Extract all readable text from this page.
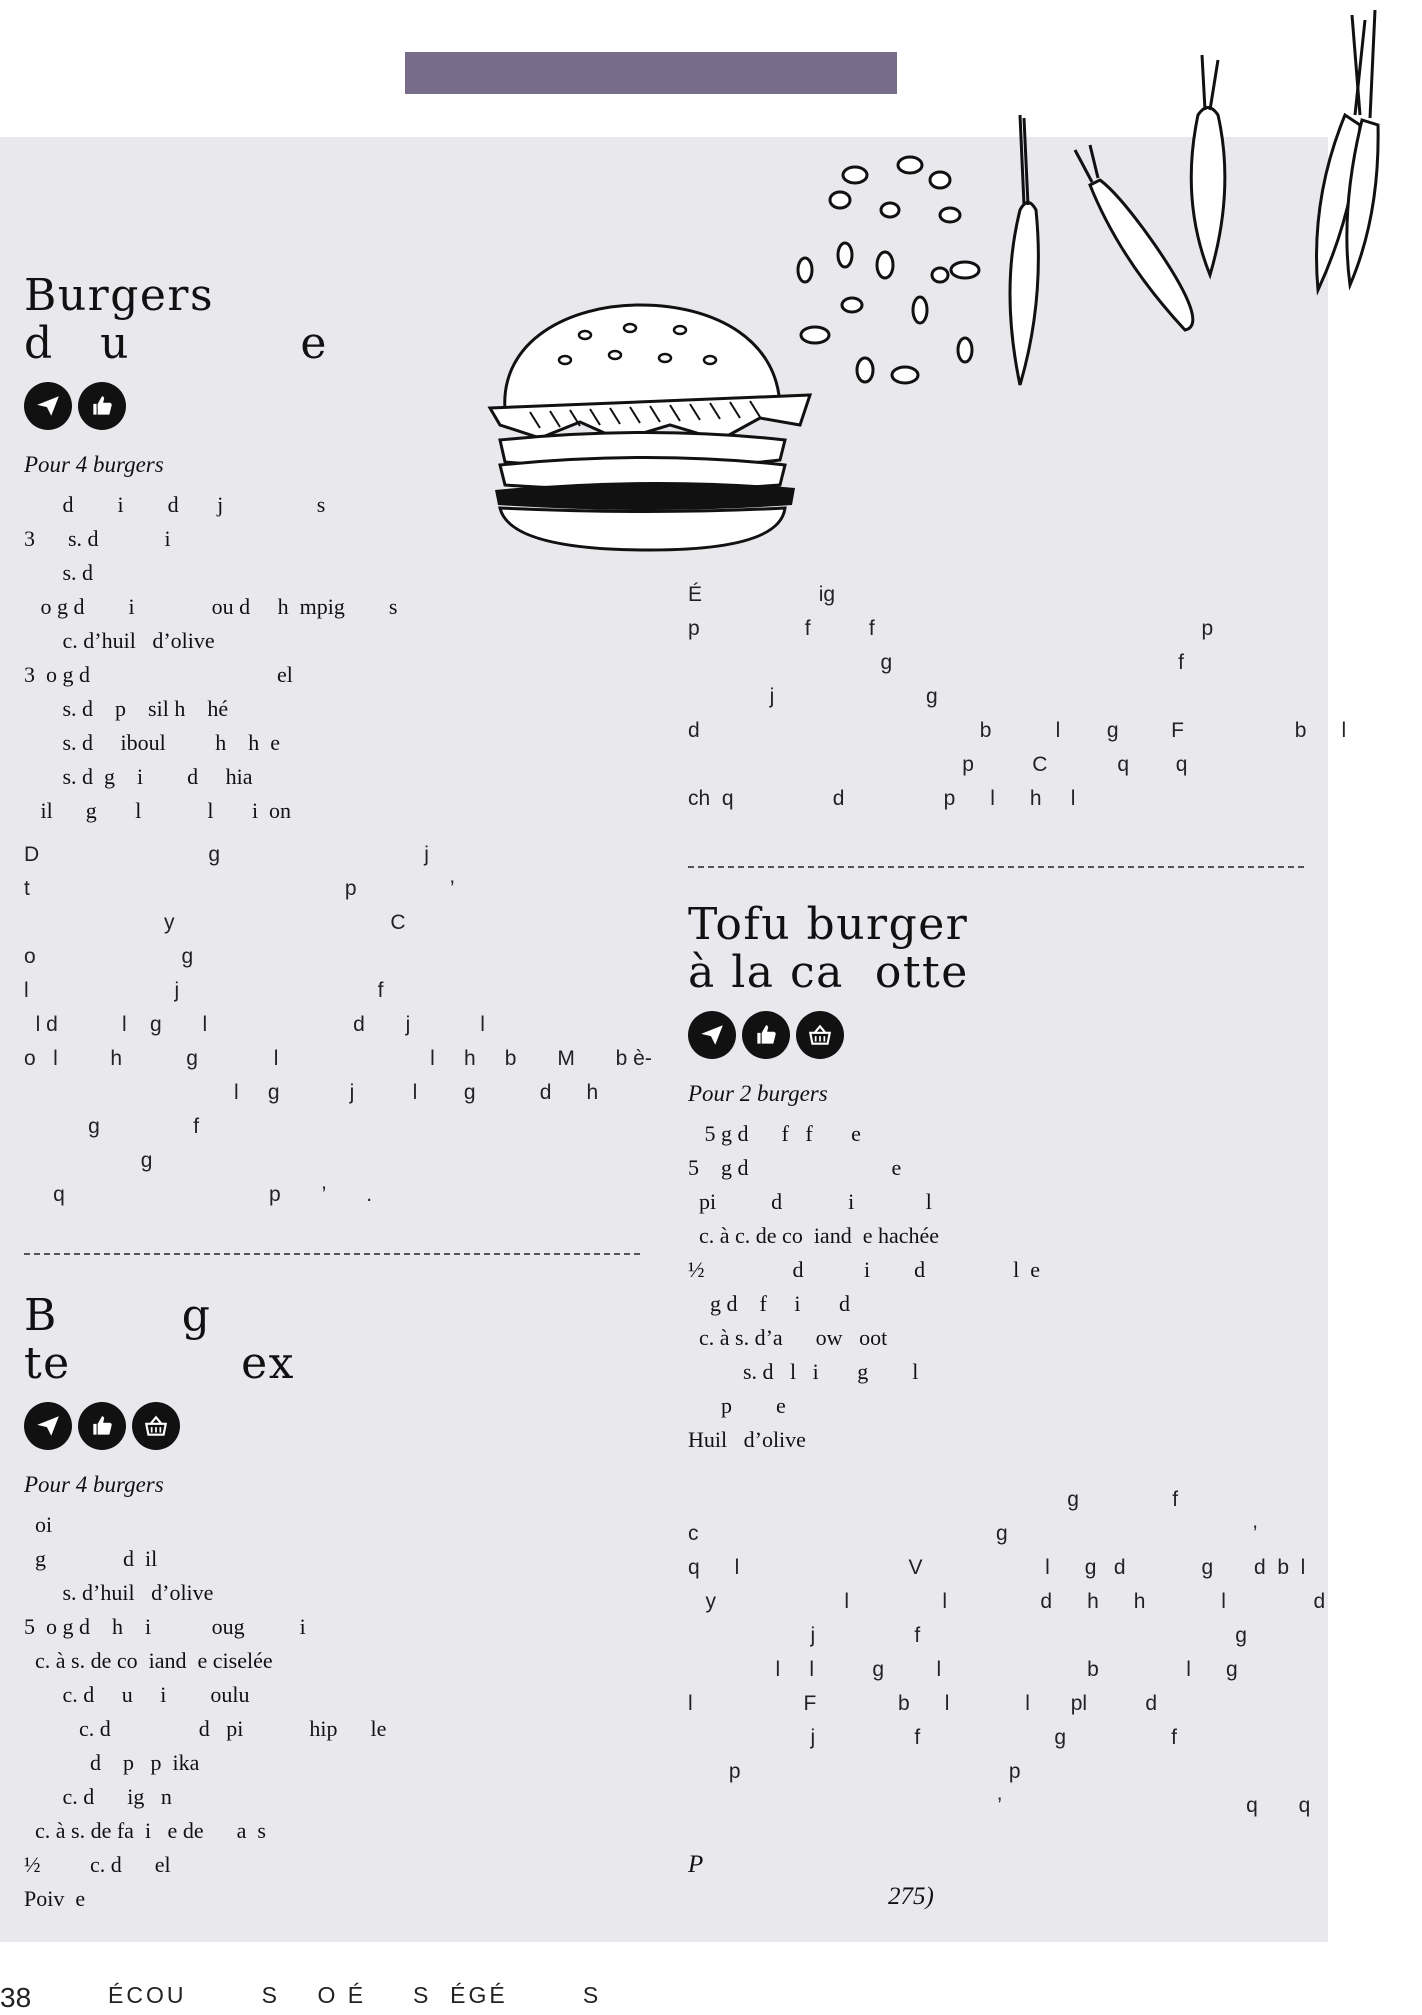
Burgers
d   u           e
Pour 4 burgers
d        i        d       j                 s
3      s. d            i
s. d
o g d        i              ou d     h  mpig        s
c. d’huil   d’olive
3  o g d                                  el
s. d    p    sil h    hé
s. d     iboul         h    h  e
s. d  g    i        d     hia
il      g       l            l       i  on
D                             g                                   j
t                                                      p                ’
y                                     C
o                         g
l                         j                                  f
l d           l    g       l                         d       j            l
o   l         h           g             l                          l     h     b       M       b è-
l     g            j          l        g           d      h
g                f
g
q                                   p       ’       .
B        g
te           ex
Pour 4 burgers
oi
g              d  il
s. d’huil   d’olive
5  o g d    h    i           oug          i
c. à s. de co  iand  e ciselée
c. d     u     i        oulu
c. d                d   pi            hip      le
d    p   p  ika
c. d      ig   n
c. à s. de fa  i   e de      a  s
½         c. d      el
Poiv  e
É                    ig
p                  f          f                                                        p
g                                                 f
j                          g
d                                                b           l        g         F                   b      l
p          C            q        q
ch  q                 d                 p      l      h     l
Tofu burger
à la ca  otte
Pour 2 burgers
5 g d      f   f       e
5    g d                          e
pi          d            i             l
c. à c. de co  iand  e hachée
½                d           i        d                l  e
g d    f     i       d
c. à s. d’a      ow   oot
s. d   l   i       g        l
p        e
Huil   d’olive
g                f
c                                                   g                                          ’
q      l                             V                     l      g   d             g       d  b  l
y                      l                l                d      h      h             l
j                 f                                                      g
l     l          g         l                         b               l      g
l                   F              b      l             l       pl          d
j                 f                       g                  f
p                                              p
’                                          q       q
P
275)
38	ÉCOU        S    O É     S  ÉGÉ        S
